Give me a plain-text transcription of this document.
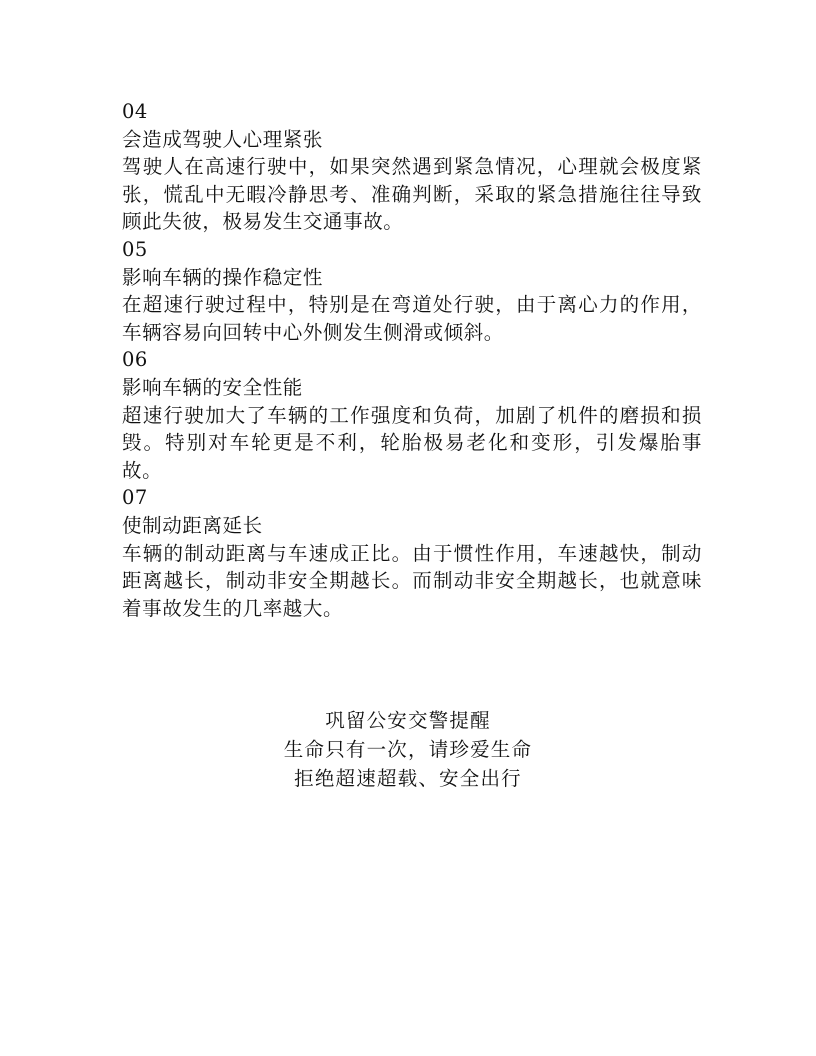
04

会造成驾驶人心理紧张

驾驶人在高速行驶中，如果突然遇到紧急情况，心理就会极度紧张，慌乱中无暇冷静思考、准确判断，采取的紧急措施往往导致顾此失彼，极易发生交通事故。

05

影响车辆的操作稳定性

在超速行驶过程中，特别是在弯道处行驶，由于离心力的作用，车辆容易向回转中心外侧发生侧滑或倾斜。

06

影响车辆的安全性能

超速行驶加大了车辆的工作强度和负荷，加剧了机件的磨损和损毁。特别对车轮更是不利，轮胎极易老化和变形，引发爆胎事故。

07

使制动距离延长

车辆的制动距离与车速成正比。由于惯性作用，车速越快，制动距离越长，制动非安全期越长。而制动非安全期越长，也就意味着事故发生的几率越大。

巩留公安交警提醒

生命只有一次，请珍爱生命

拒绝超速超载、安全出行
